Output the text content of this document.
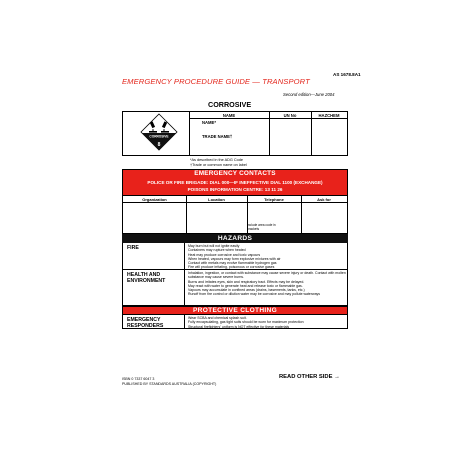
AS 1678.8A1
EMERGENCY PROCEDURE GUIDE — TRANSPORT
Second edition—June 2004
CORROSIVE
NAME	UN No	HAZCHEM
NAME*
TRADE NAME†
CORROSIVE
8
*As described in the ADG Code
†Trade or common name on label
EMERGENCY CONTACTS
POLICE OR FIRE BRIGADE: DIAL 000—IF INEFFECTIVE DIAL 1100 (EXCHANGE)
POISONS INFORMATION CENTRE: 13 11 26
Organization	Location	Telephone	Ask for
Include area code in brackets
HAZARDS
FIRE	May burn but will not ignite easily
Containers may rupture when heated
Heat may produce corrosive and toxic vapours
When heated, vapours may form explosive mixtures with air
Contact with metals may evolve flammable hydrogen gas
Fire will produce irritating, poisonous or corrosive gases
HEALTH AND ENVIRONMENT
Inhalation, ingestion, or contact with substance may cause severe injury or death. Contact with molten substance may cause severe burns.
Burns and irritates eyes, skin and respiratory tract. Effects may be delayed.
May react with water to generate heat and release toxic or flammable gas.
Vapours may accumulate in confined areas (drains, basements, tanks, etc.)
Runoff from fire control or dilution water may be corrosive and may pollute waterways
PROTECTIVE CLOTHING
EMERGENCY RESPONDERS
Wear SCBA and chemical splash suit.
Fully encapsulating, gas tight suits should be worn for maximum protection
Structural firefighters' uniform is NOT effective for these materials
ISBN 0 7337 6047 3
PUBLISHED BY STANDARDS AUSTRALIA (COPYRIGHT)
READ OTHER SIDE →
